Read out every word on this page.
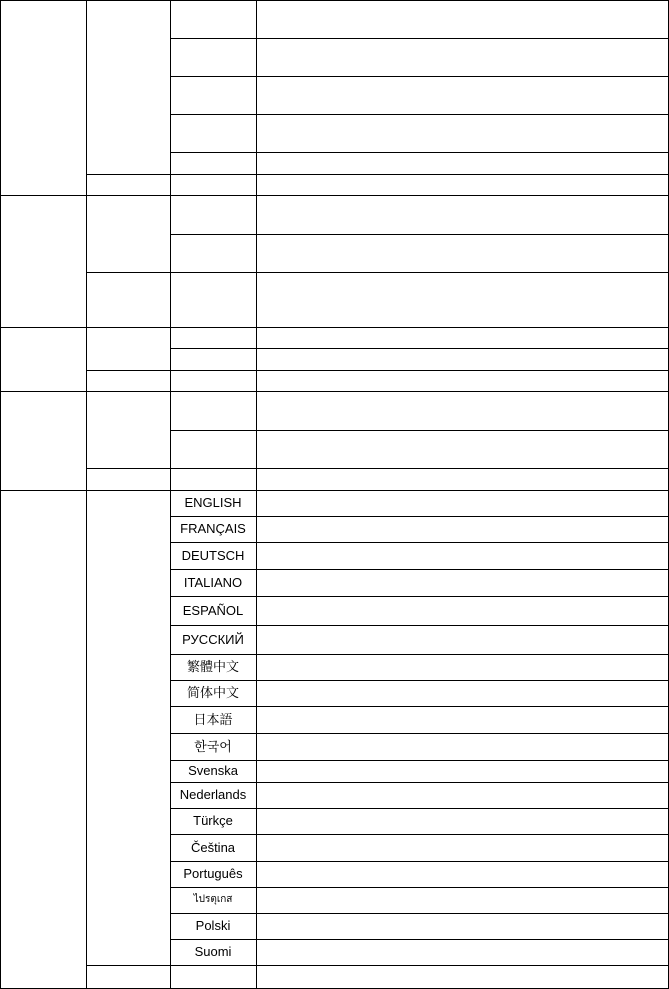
ENGLISH
FRANÇAIS
DEUTSCH
ITALIANO
ESPAÑOL
РУССКИЙ
繁體中文
简体中文
日本語
한국어
Svenska
Nederlands
Türkçe
Čeština
Português
ไปรตุเกส
Polski
Suomi
